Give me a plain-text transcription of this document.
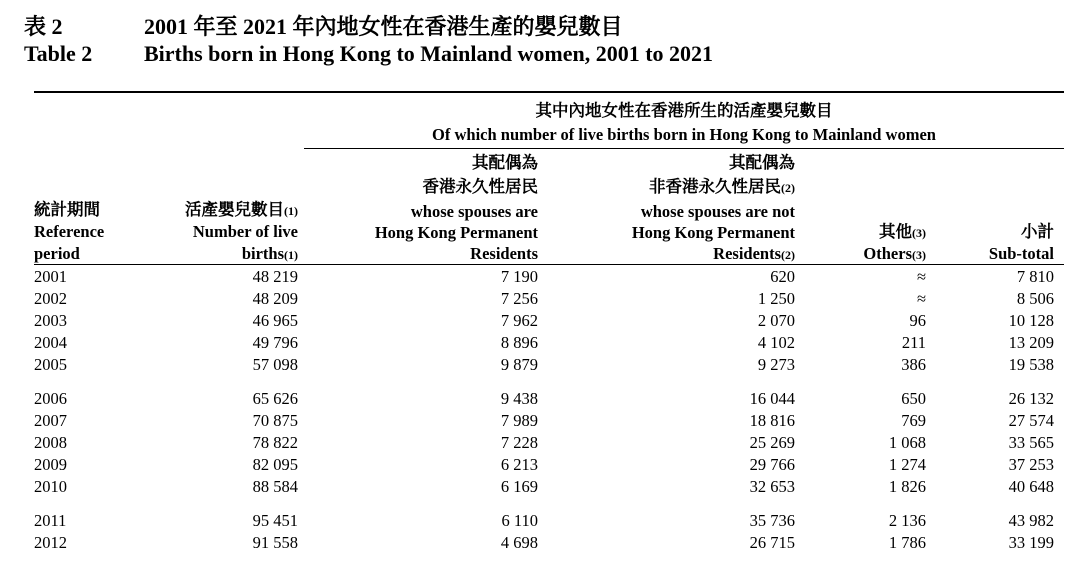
表 2	2001 年至 2021 年內地女性在香港生產的嬰兒數目
Table 2 Births born in Hong Kong to Mainland women, 2001 to 2021
其中內地女性在香港所生的活產嬰兒數目
Of which number of live births born in Hong Kong to Mainland women
統計期間
Reference
period
活產嬰兒數目(1)
Number of live
births(1)
其配偶為
香港永久性居民
whose spouses are
Hong Kong Permanent
Residents
其配偶為
非香港永久性居民(2)
whose spouses are not
Hong Kong Permanent
Residents(2)
其他(3)
Others(3)
小計
Sub-total
2001	48 219	7 190	620	≈	7 810
2002	48 209	7 256	1 250	≈	8 506
2003	46 965	7 962	2 070	96	10 128
2004	49 796	8 896	4 102	211	13 209
2005	57 098	9 879	9 273	386	19 538
2006	65 626	9 438	16 044	650	26 132
2007	70 875	7 989	18 816	769	27 574
2008	78 822	7 228	25 269	1 068	33 565
2009	82 095	6 213	29 766	1 274	37 253
2010	88 584	6 169	32 653	1 826	40 648
2011	95 451	6 110	35 736	2 136	43 982
2012	91 558	4 698	26 715	1 786	33 199
